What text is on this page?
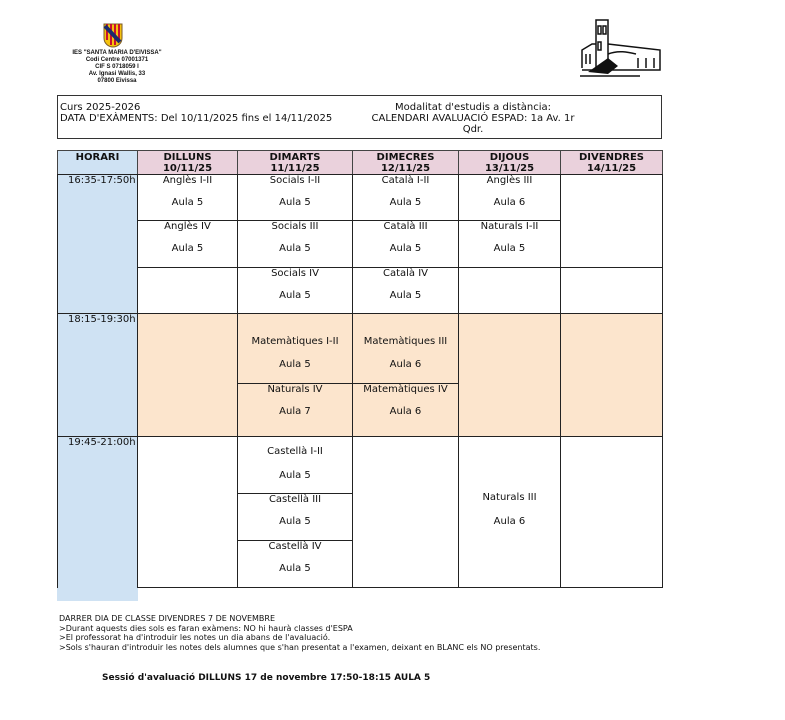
IES "SANTA MARIA D'EIVISSA"
Codi Centre 07001371
CIF S 0718059 I
Av. Ignasi Wallis, 33
07800 Eivissa
Curs 2025-2026
DATA D'EXÀMENTS: Del 10/11/2025 fins el 14/11/2025
Modalitat d'estudis a distància:
CALENDARI AVALUACIÓ ESPAD: 1a Av. 1r Qdr.
HORARI	DILLUNS
10/11/25
DIMARTS
11/11/25
DIMECRES
12/11/25
DIJOUS
13/11/25
DIVENDRES
14/11/25
16:35-17:50h
18:15-19:30h
19:45-21:00h
Anglès I-II
Aula 5
Anglès IV
Aula 5
Socials I-II
Aula 5
Socials III
Aula 5
Socials IV
Aula 5
Català I-II
Aula 5
Català III
Aula 5
Català IV
Aula 5
Anglès III
Aula 6
Naturals I-II
Aula 5
Matemàtiques I-II
Aula 5
Naturals IV
Aula 7
Matemàtiques III
Aula 6
Matemàtiques IV
Aula 6
Castellà I-II
Aula 5
Castellà III
Aula 5
Castellà IV
Aula 5
Naturals III
Aula 6
DARRER DIA DE CLASSE DIVENDRES 7 DE NOVEMBRE
>Durant aquests dies sols es faran exàmens: NO hi haurà classes d'ESPA
>El professorat ha d'introduir les notes un dia abans de l'avaluació.
>Sols s'hauran d'introduir les notes dels alumnes que s'han presentat a l'examen, deixant en BLANC els NO presentats.
Sessió d'avaluació DILLUNS 17 de novembre 17:50-18:15 AULA 5
